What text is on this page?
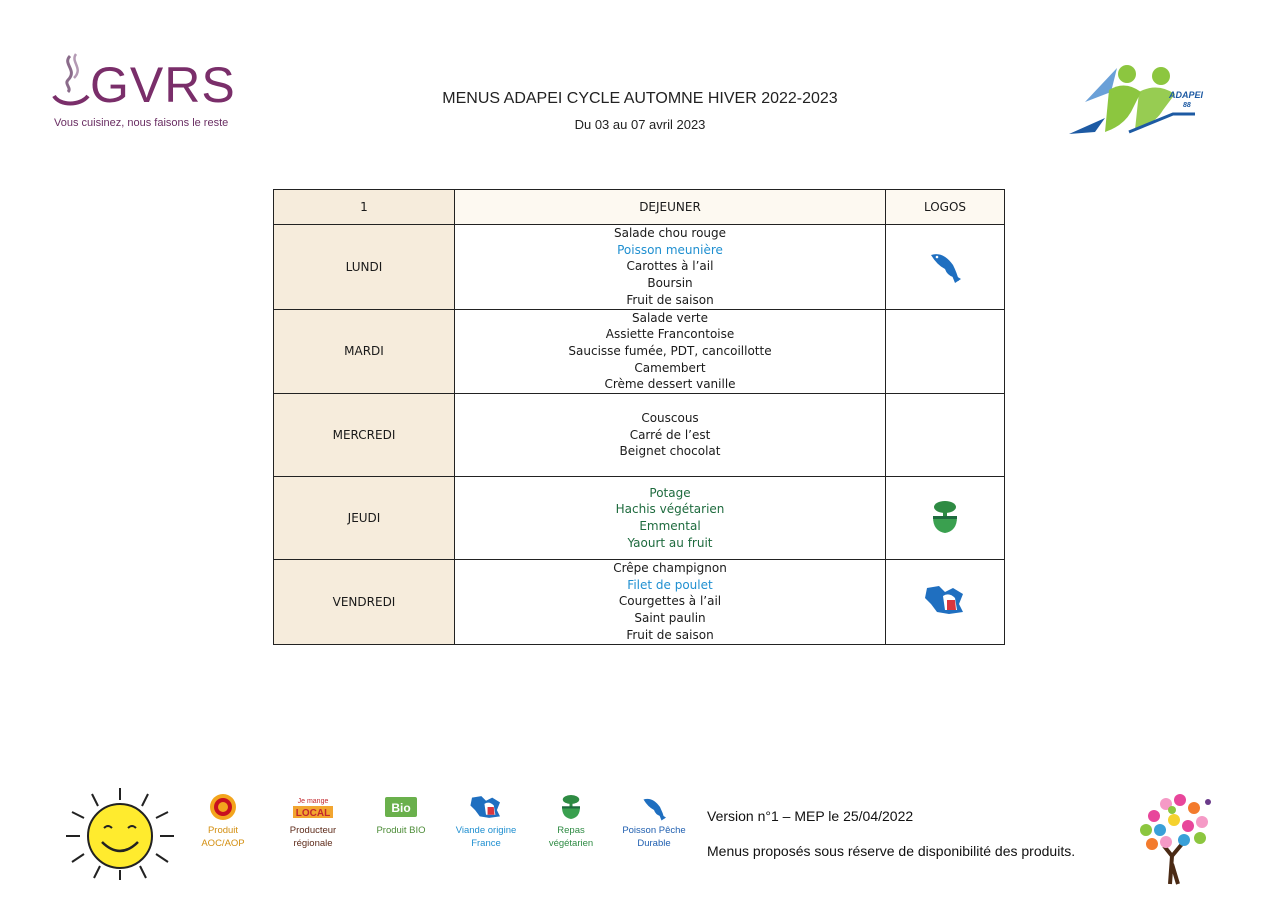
GVRS
Vous cuisinez, nous faisons le reste
MENUS ADAPEI CYCLE AUTOMNE HIVER 2022-2023
Du 03 au 07 avril 2023
ADAPEI
88
1	DEJEUNER	LOGOS
LUNDI	Salade chou rouge
Poisson meunière
Carottes à l’ail
Boursin
Fruit de saison

MARDI	Salade verte
Assiette Francontoise
Saucisse fumée, PDT, cancoillotte
Camembert
Crème dessert vanille	

MERCREDI	Couscous
Carré de l’est
Beignet chocolat	

JEUDI	Potage
Hachis végétarien
Emmental
Yaourt au fruit

VENDREDI	Crêpe champignon
Filet de poulet
Courgettes à l’ail
Saint paulin
Fruit de saison

Produit
AOC/AOP
Je mange
LOCAL
Producteur
régionale
Bio
Produit BIO	Viande origine
France
Repas
végétarien
Poisson Pêche
Durable
Version n°1 – MEP le 25/04/2022
Menus proposés sous réserve de disponibilité des produits.
